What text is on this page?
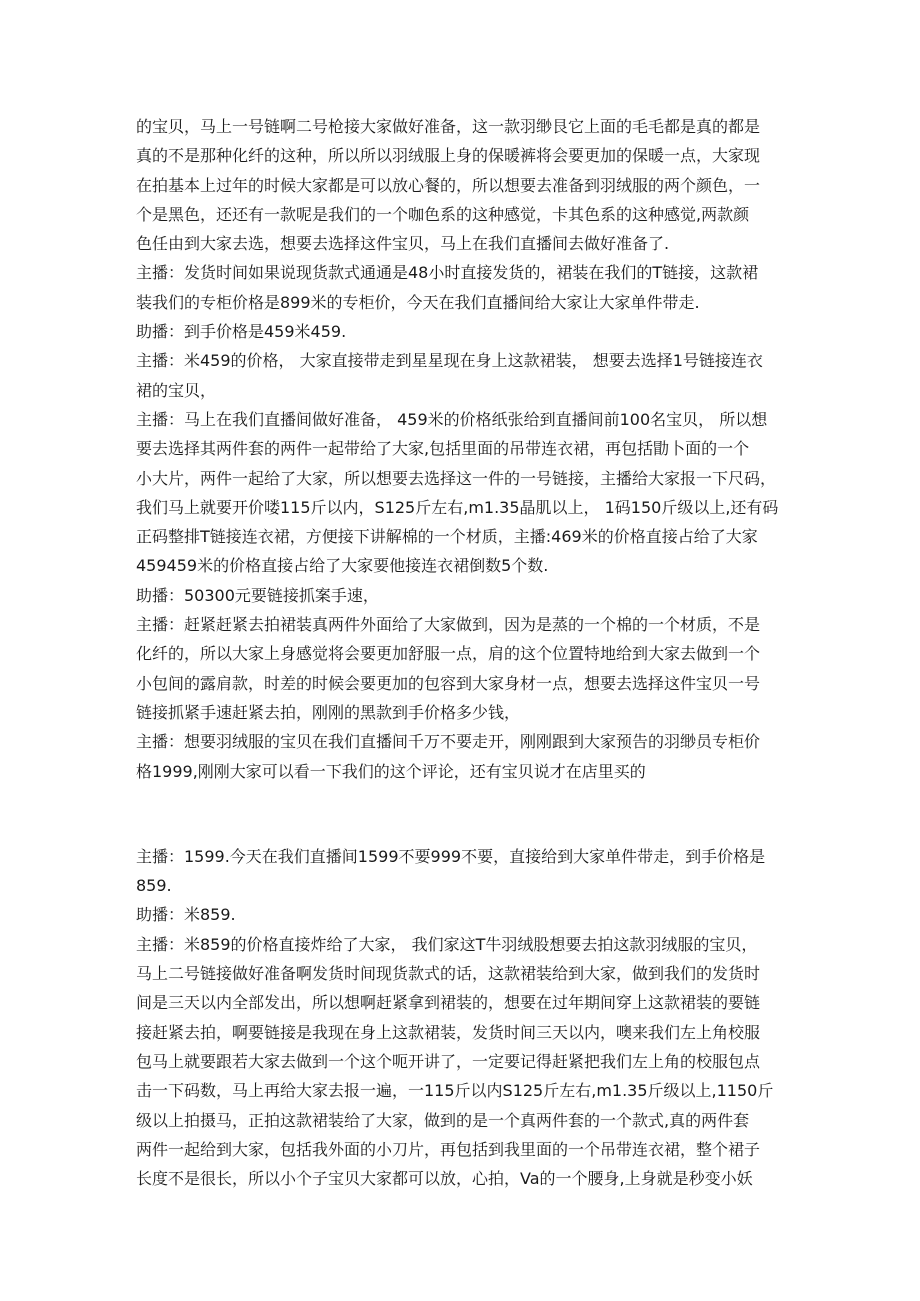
的宝贝，马上一号链啊二号枪接大家做好准备，这一款羽缈艮它上面的毛毛都是真的都是

真的不是那种化纤的这种，所以所以羽绒服上身的保暖裤将会要更加的保暖一点，大家现

在拍基本上过年的时候大家都是可以放心餐的，所以想要去准备到羽绒服的两个颜色，一

个是黑色，还还有一款呢是我们的一个咖色系的这种感觉，卡其色系的这种感觉,两款颜

色任由到大家去选，想要去选择这件宝贝，马上在我们直播间去做好准备了.

主播：发货时间如果说现货款式通通是48小时直接发货的，裙装在我们的T链接，这款裙

装我们的专柜价格是899米的专柜价，今天在我们直播间给大家让大家单件带走.

助播：到手价格是459米459.

主播：米459的价格， 大家直接带走到星星现在身上这款裙装， 想要去选择1号链接连衣

裙的宝贝，

主播：马上在我们直播间做好准备， 459米的价格纸张给到直播间前100名宝贝， 所以想

要去选择其两件套的两件一起带给了大家,包括里面的吊带连衣裙，再包括勖卜面的一个

小大片，两件一起给了大家，所以想要去选择这一件的一号链接，主播给大家报一下尺码，

我们马上就要开价喽115斤以内，S125斤左右,m1.35晶肌以上， 1码150斤级以上,还有码

正码整排T链接连衣裙，方便接下讲解棉的一个材质，主播:469米的价格直接占给了大家

459459米的价格直接占给了大家要他接连衣裙倒数5个数.

助播：50300元要链接抓案手速，

主播：赶紧赶紧去拍裙装真两件外面给了大家做到，因为是蒸的一个棉的一个材质，不是

化纤的，所以大家上身感觉将会要更加舒服一点，肩的这个位置特地给到大家去做到一个

小包间的露肩款，时差的时候会要更加的包容到大家身材一点，想要去选择这件宝贝一号

链接抓紧手速赶紧去拍，刚刚的黑款到手价格多少钱，

主播：想要羽绒服的宝贝在我们直播间千万不要走开，刚刚跟到大家预告的羽缈员专柜价

格1999,刚刚大家可以看一下我们的这个评论，还有宝贝说才在店里买的

主播：1599.今天在我们直播间1599不要999不要，直接给到大家单件带走，到手价格是

859.

助播：米859.

主播：米859的价格直接炸给了大家， 我们家这T牛羽绒股想要去拍这款羽绒服的宝贝，

马上二号链接做好准备啊发货时间现货款式的话，这款裙装给到大家，做到我们的发货时

间是三天以内全部发出，所以想啊赶紧拿到裙装的，想要在过年期间穿上这款裙装的要链

接赶紧去拍，啊要链接是我现在身上这款裙装，发货时间三天以内，噢来我们左上角校服

包马上就要跟若大家去做到一个这个呃开讲了，一定要记得赶紧把我们左上角的校服包点

击一下码数，马上再给大家去报一遍，一115斤以内S125斤左右,m1.35斤级以上,1150斤

级以上拍摄马，正拍这款裙装给了大家，做到的是一个真两件套的一个款式,真的两件套

两件一起给到大家，包括我外面的小刀片，再包括到我里面的一个吊带连衣裙，整个裙子

长度不是很长，所以小个子宝贝大家都可以放，心拍，Va的一个腰身,上身就是秒变小妖
